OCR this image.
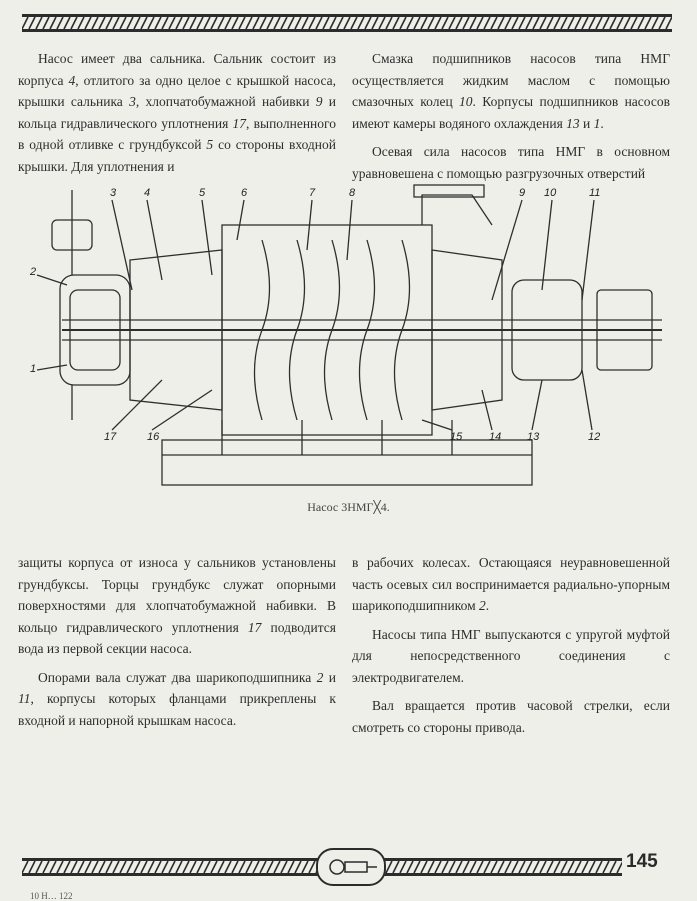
Насос имеет два сальника. Сальник состоит из корпуса 4, отлитого за одно целое с крышкой насоса, крышки сальника 3, хлопчатобумажной набивки 9 и кольца гидравлического уплотнения 17, выполненного в одной отливке с грундбуксой 5 со стороны входной крышки. Для уплотнения и

Смазка подшипников насосов типа НМГ осуществляется жидким маслом с помощью смазочных колец 10. Корпусы подшипников насосов имеют камеры водяного охлаждения 13 и 1.

Осевая сила насосов типа НМГ в основном уравновешена с помощью разгрузочных отверстий

1
2
3	4	5	6	7	8	9 10	11
12
13
14
15
16
17
Насос 3НМГ╳4.

защиты корпуса от износа у сальников установлены грундбуксы. Торцы грундбукс служат опорными поверхностями для хлопчатобумажной набивки. В кольцо гидравлического уплотнения 17 подводится вода из первой секции насоса.

Опорами вала служат два шарикоподшипника 2 и 11, корпусы которых фланцами прикреплены к входной и напорной крышкам насоса.

в рабочих колесах. Остающаяся неуравновешенной часть осевых сил воспринимается радиально-упорным шарикоподшипником 2.

Насосы типа НМГ выпускаются с упругой муфтой для непосредственного соединения с электродвигателем.

Вал вращается против часовой стрелки, если смотреть со стороны привода.

145
10 Н… 122
